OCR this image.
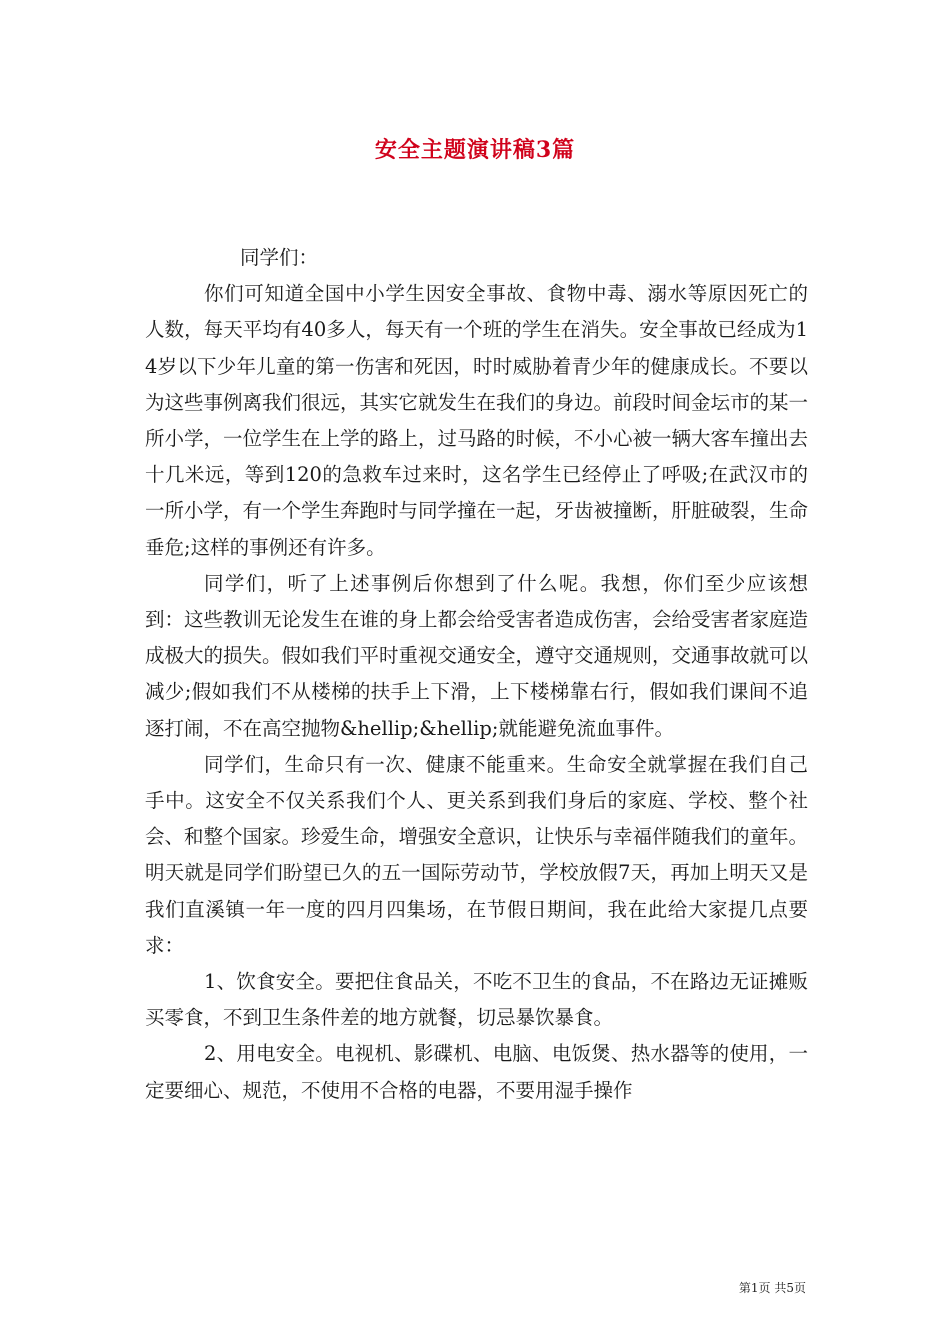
安全主题演讲稿3篇

同学们：

你们可知道全国中小学生因安全事故、食物中毒、溺水等原因死亡的人数，每天平均有40多人，每天有一个班的学生在消失。安全事故已经成为14岁以下少年儿童的第一伤害和死因，时时威胁着青少年的健康成长。不要以为这些事例离我们很远，其实它就发生在我们的身边。前段时间金坛市的某一所小学，一位学生在上学的路上，过马路的时候，不小心被一辆大客车撞出去十几米远，等到120的急救车过来时，这名学生已经停止了呼吸;在武汉市的一所小学，有一个学生奔跑时与同学撞在一起，牙齿被撞断，肝脏破裂，生命垂危;这样的事例还有许多。

同学们，听了上述事例后你想到了什么呢。我想，你们至少应该想到：这些教训无论发生在谁的身上都会给受害者造成伤害，会给受害者家庭造成极大的损失。假如我们平时重视交通安全，遵守交通规则，交通事故就可以减少;假如我们不从楼梯的扶手上下滑，上下楼梯靠右行，假如我们课间不追逐打闹，不在高空抛物&hellip;&hellip;就能避免流血事件。

同学们，生命只有一次、健康不能重来。生命安全就掌握在我们自己手中。这安全不仅关系我们个人、更关系到我们身后的家庭、学校、整个社会、和整个国家。珍爱生命，增强安全意识，让快乐与幸福伴随我们的童年。明天就是同学们盼望已久的五一国际劳动节，学校放假7天，再加上明天又是我们直溪镇一年一度的四月四集场，在节假日期间，我在此给大家提几点要求：

1、饮食安全。要把住食品关，不吃不卫生的食品，不在路边无证摊贩买零食，不到卫生条件差的地方就餐，切忌暴饮暴食。

2、用电安全。电视机、影碟机、电脑、电饭煲、热水器等的使用，一定要细心、规范，不使用不合格的电器，不要用湿手操作

第1页 共5页
